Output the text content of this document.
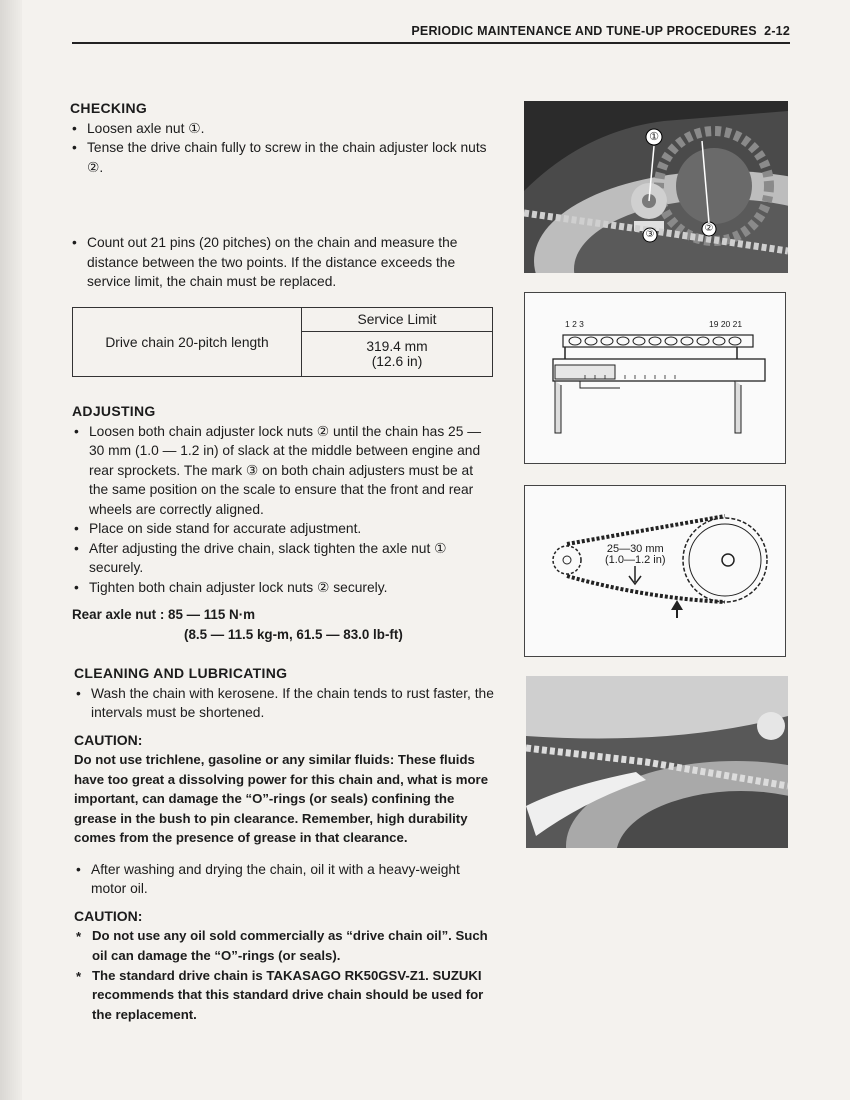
PERIODIC MAINTENANCE AND TUNE-UP PROCEDURES 2-12
CHECKING
• Loosen axle nut ①.
• Tense the drive chain fully to screw in the chain adjuster lock nuts ②.
• Count out 21 pins (20 pitches) on the chain and measure the distance between the two points. If the distance exceeds the service limit, the chain must be replaced.
Drive chain 20-pitch length	Service Limit

319.4 mm
(12.6 in)
ADJUSTING
• Loosen both chain adjuster lock nuts ② until the chain has 25 — 30 mm (1.0 — 1.2 in) of slack at the middle between engine and rear sprockets. The mark ③ on both chain adjusters must be at the same position on the scale to ensure that the front and rear wheels are correctly aligned.
• Place on side stand for accurate adjustment.
• After adjusting the drive chain, slack tighten the axle nut ① securely.
• Tighten both chain adjuster lock nuts ② securely.
Rear axle nut : 85 — 115 N·m
(8.5 — 11.5 kg-m, 61.5 — 83.0 lb-ft)
CLEANING AND LUBRICATING
• Wash the chain with kerosene. If the chain tends to rust faster, the intervals must be shortened.

CAUTION:

Do not use trichlene, gasoline or any similar fluids: These fluids have too great a dissolving power for this chain and, what is more important, can damage the “O”-rings (or seals) confining the grease in the bush to pin clearance. Remember, high durability comes from the presence of grease in that clearance.

• After washing and drying the chain, oil it with a heavy-weight motor oil.

CAUTION:

* Do not use any oil sold commercially as “drive chain oil”. Such oil can damage the “O”-rings (or seals).
* The standard drive chain is TAKASAGO RK50GSV-Z1. SUZUKI recommends that this standard drive chain should be used for the replacement.
①
②
③
1 2 3	19 20 21
25—30 mm
(1.0—1.2 in)
